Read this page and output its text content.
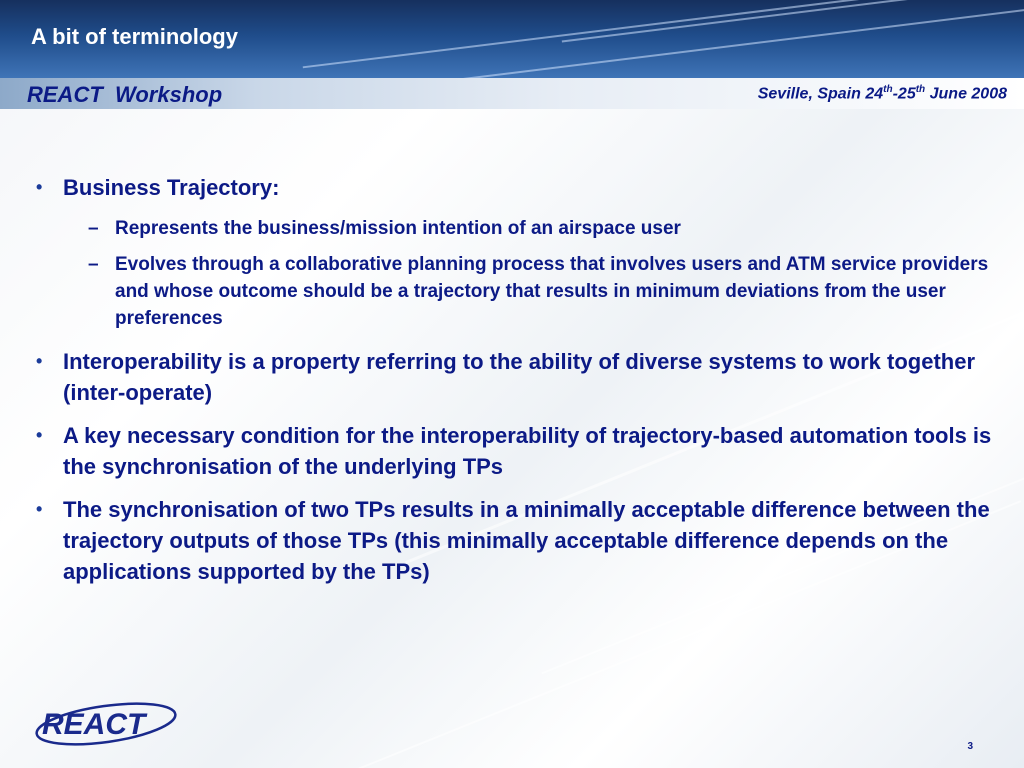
A bit of terminology
REACT  Workshop	Seville, Spain 24th-25th June 2008
• Business Trajectory:
– Represents the business/mission intention of an airspace user
– Evolves through a collaborative planning process that involves users and ATM service providers and whose outcome should be a trajectory that results in minimum deviations from the user preferences
• Interoperability is a property referring to the ability of diverse systems to work together (inter-operate)
• A key necessary condition for the interoperability of trajectory-based automation tools is the synchronisation of the underlying TPs
• The synchronisation of two TPs results in a minimally acceptable difference between the trajectory outputs of those TPs (this minimally acceptable difference depends on the applications supported by the TPs)
REACT
3
